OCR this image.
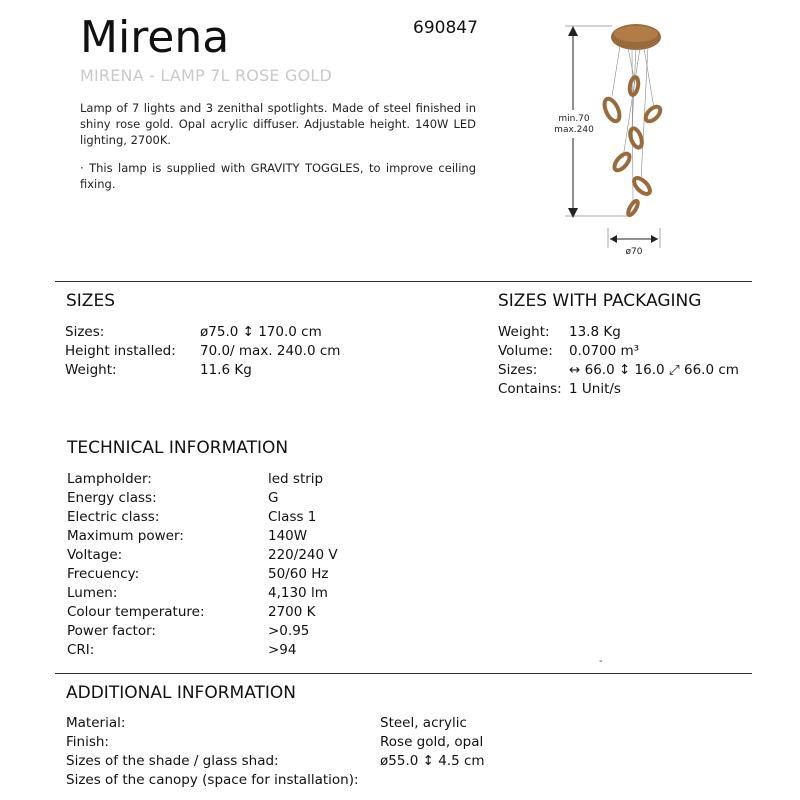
Mirena	690847
MIRENA - LAMP 7L ROSE GOLD
Lamp of 7 lights and 3 zenithal spotlights. Made of steel finished in shiny rose gold. Opal acrylic diffuser. Adjustable height. 140W LED lighting, 2700K.
· This lamp is supplied with GRAVITY TOGGLES, to improve ceiling fixing.
min.70
max.240
ø70
SIZES
Sizes:	ø75.0 ↕ 170.0 cm
Height installed: 70.0/ max. 240.0 cm
Weight:	11.6 Kg
SIZES WITH PACKAGING
Weight: 13.8 Kg
Volume: 0.0700 m³
Sizes: ↔ 66.0 ↕ 16.0 ⤢ 66.0 cm
Contains: 1 Unit/s
TECHNICAL INFORMATION
Lampholder:	led strip
Energy class:	G
Electric class:	Class 1
Maximum power:	140W
Voltage:	220/240 V
Frecuency:	50/60 Hz
Lumen:	4,130 lm
Colour temperature:	2700 K
Power factor:	>0.95
CRI:	>94
-
ADDITIONAL INFORMATION
Material:	Steel, acrylic
Finish:	Rose gold, opal
Sizes of the shade / glass shad:	ø55.0 ↕ 4.5 cm
Sizes of the canopy (space for installation):
